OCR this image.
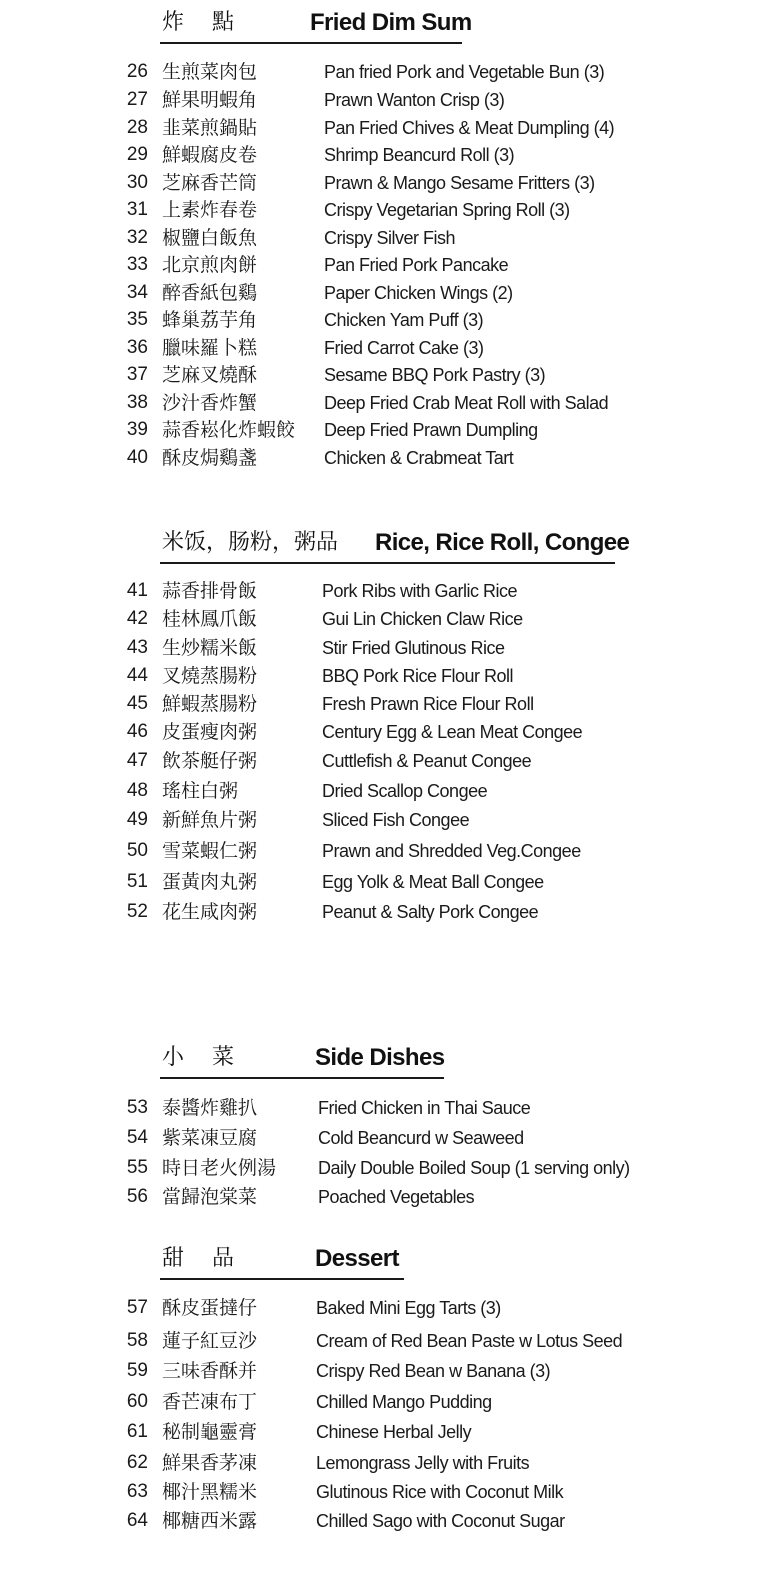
炸    點	Fried Dim Sum
26 生煎菜肉包	Pan fried Pork and Vegetable Bun (3)
27 鮮果明蝦角	Prawn Wanton Crisp (3)
28 韭菜煎鍋貼	Pan Fried Chives & Meat Dumpling (4)
29 鮮蝦腐皮卷	Shrimp Beancurd Roll (3)
30 芝麻香芒筒	Prawn & Mango Sesame Fritters (3)
31 上素炸春卷	Crispy Vegetarian Spring Roll (3)
32 椒鹽白飯魚	Crispy Silver Fish
33 北京煎肉餅	Pan Fried Pork Pancake
34 醉香紙包鷄	Paper Chicken Wings (2)
35 蜂巢荔芋角	Chicken Yam Puff (3)
36 臘味羅卜糕	Fried Carrot Cake (3)
37 芝麻叉燒酥	Sesame BBQ Pork Pastry (3)
38 沙汁香炸蟹	Deep Fried Crab Meat Roll with Salad
39 蒜香崧化炸蝦餃 Deep Fried Prawn Dumpling
40 酥皮焗鷄盞	Chicken & Crabmeat Tart
米饭，肠粉，粥品 Rice, Rice Roll, Congee
41 蒜香排骨飯	Pork Ribs with Garlic Rice
42 桂林鳳爪飯	Gui Lin Chicken Claw Rice
43 生炒糯米飯	Stir Fried Glutinous Rice
44 叉燒蒸腸粉	BBQ Pork Rice Flour Roll
45 鮮蝦蒸腸粉	Fresh Prawn Rice Flour Roll
46 皮蛋瘦肉粥	Century Egg & Lean Meat Congee
47 飲茶艇仔粥	Cuttlefish & Peanut Congee
48 瑤柱白粥	Dried Scallop Congee
49 新鮮魚片粥	Sliced Fish Congee
50 雪菜蝦仁粥	Prawn and Shredded Veg.Congee
51 蛋黃肉丸粥	Egg Yolk & Meat Ball Congee
52 花生咸肉粥	Peanut & Salty Pork Congee
小    菜	Side Dishes
53 泰醬炸雞扒	Fried Chicken in Thai Sauce
54 紫菜凍豆腐	Cold Beancurd w Seaweed
55 時日老火例湯 Daily Double Boiled Soup (1 serving only)
56 當歸泡棠菜	Poached Vegetables
甜    品	Dessert
57 酥皮蛋撻仔	Baked Mini Egg Tarts (3)
58 蓮子紅豆沙	Cream of Red Bean Paste w Lotus Seed
59 三味香酥并	Crispy Red Bean w Banana (3)
60 香芒凍布丁	Chilled Mango Pudding
61 秘制龜靈膏	Chinese Herbal Jelly
62 鮮果香茅凍	Lemongrass Jelly with Fruits
63 椰汁黑糯米	Glutinous Rice with Coconut Milk
64 椰糖西米露	Chilled Sago with Coconut Sugar
